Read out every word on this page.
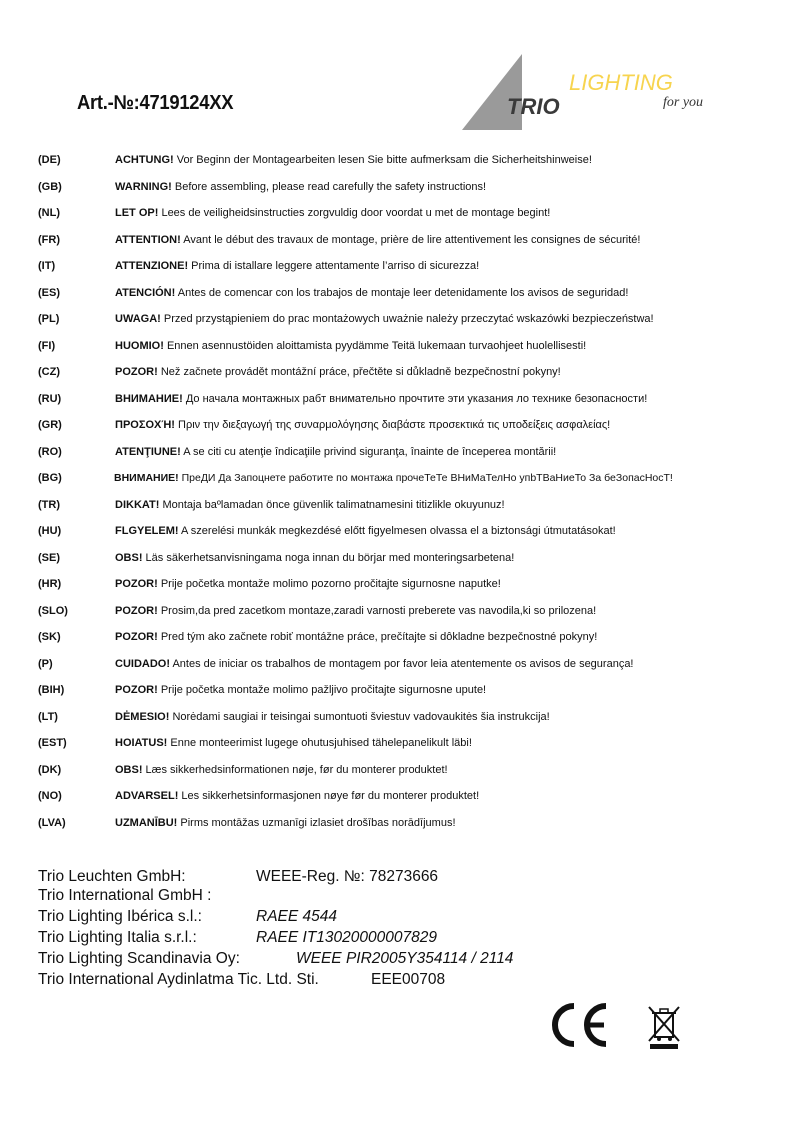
Art.-№:4719124XX	TRIO
LIGHTING
for you
(DE)	ACHTUNG! Vor Beginn der Montagearbeiten lesen Sie bitte aufmerksam die Sicherheitshinweise!
(GB)	WARNING! Before assembling, please read carefully the safety instructions!
(NL)	LET OP! Lees de veiligheidsinstructies zorgvuldig door voordat u met de montage begint!
(FR)	ATTENTION! Avant le début des travaux de montage, prière de lire attentivement les consignes de sécurité!
(IT)	ATTENZIONE! Prima di istallare leggere attentamente l’arriso di sicurezza!
(ES)	ATENCIÓN! Antes de comencar con los trabajos de montaje leer detenidamente los avisos de seguridad!
(PL)	UWAGA! Przed przystąpieniem do prac montażowych uważnie należy przeczytać wskazówki bezpieczeństwa!
(FI)	HUOMIO! Ennen asennustöiden aloittamista pyydämme Teitä lukemaan turvaohjeet huolellisesti!
(CZ)	POZOR! Než začnete provádět montážní práce, přečtěte si důkladně bezpečnostní pokyny!
(RU)	ВНИМАНИЕ! До начала монтажных рабт внимательно прочтите эти указания ло технике безопасности!
(GR)	ΠΡΟΣΟΧΉ! Πριν την διεξαγωγή της συναρμολόγησης διαβάστε προσεκτικά τις υποδείξεις ασφαλείας!
(RO)	ATENŢIUNE! A se citi cu atenţie îndicaţiile privind siguranţa, înainte de începerea montării!
(BG)	ВНИМАНИЕ! ПреДИ Да Запоцнете работите по монтажа прочеТеТе ВНиМаТелНо упbТВаНиеТо За беЗопасНосТ!
(TR)	DIKKAT! Montaja baºlamadan önce güvenlik talimatnamesini titizlikle okuyunuz!
(HU)	FLGYELEM! A szerelési munkák megkezdésé előtt figyelmesen olvassa el a biztonsági útmutatásokat!
(SE)	OBS! Läs säkerhetsanvisningama noga innan du börjar med monteringsarbetena!
(HR)	POZOR! Prije početka montaže molimo pozorno pročitajte sigurnosne naputke!
(SLO)	POZOR! Prosim,da pred zacetkom montaze,zaradi varnosti preberete vas navodila,ki so prilozena!
(SK)	POZOR! Pred tým ako začnete robiť montážne práce, prečítajte si dôkladne bezpečnostné pokyny!
(P)	CUIDADO! Antes de iniciar os trabalhos de montagem por favor leia atentemente os avisos de segurança!
(BIH)	POZOR! Prije početka montaže molimo pažljivo pročitajte sigurnosne upute!
(LT)	DĖMESIO! Norėdami saugiai ir teisingai sumontuoti šviestuv vadovaukitės šia instrukcija!
(EST)	HOIATUS! Enne monteerimist lugege ohutusjuhised tähelepanelikult läbi!
(DK)	OBS! Læs sikkerhedsinformationen nøje, før du monterer produktet!
(NO)	ADVARSEL! Les sikkerhetsinformasjonen nøye før du monterer produktet!
(LVA)	UZMANĪBU! Pirms montāžas uzmanīgi izlasiet drošības norādījumus!
Trio Leuchten GmbH:	WEEE-Reg. №: 78273666
Trio International GmbH :
Trio Lighting Ibérica s.l.:	RAEE 4544
Trio Lighting Italia s.r.l.:	RAEE IT13020000007829
Trio Lighting Scandinavia Oy:	WEEE PIR2005Y354114 / 2114
Trio International Aydinlatma Tic. Ltd. Sti.	EEE00708
